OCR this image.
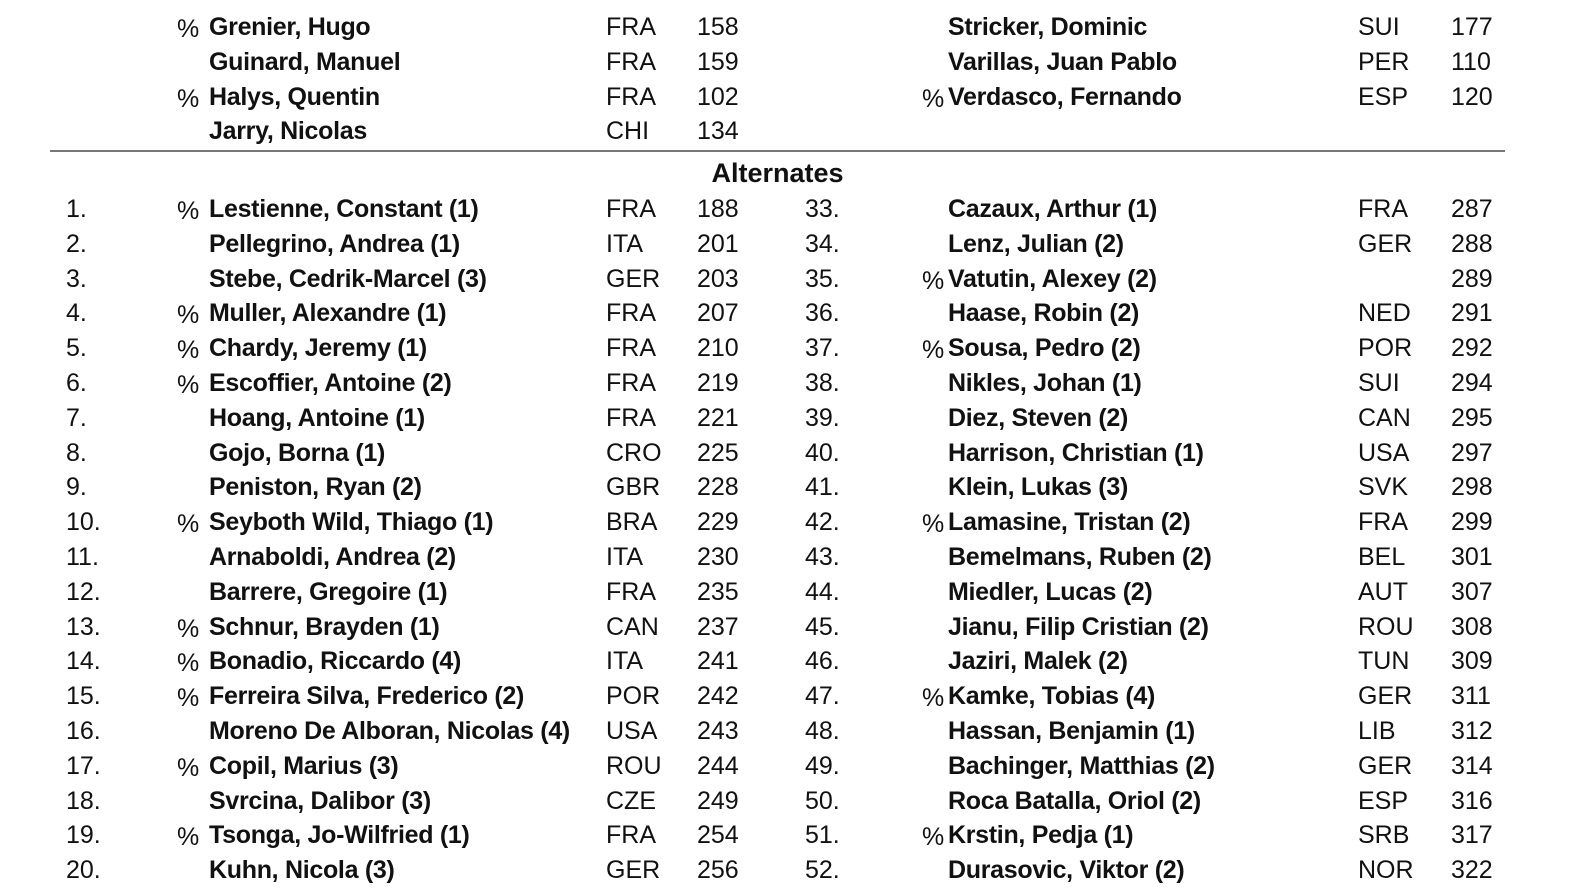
% Grenier, Hugo	FRA 158	Stricker, Dominic	SUI 177
Guinard, Manuel	FRA 159	Varillas, Juan Pablo	PER 110
% Halys, Quentin	FRA 102	% Verdasco, Fernando	ESP 120
Jarry, Nicolas	CHI 134
Alternates
1.	% Lestienne, Constant (1)	FRA 188	33.	Cazaux, Arthur (1)	FRA 287
2.	Pellegrino, Andrea (1)	ITA 201	34.	Lenz, Julian (2)	GER 288
3.	Stebe, Cedrik-Marcel (3)	GER 203	35.	% Vatutin, Alexey (2)	289
4.	% Muller, Alexandre (1)	FRA 207	36.	Haase, Robin (2)	NED 291
5.	% Chardy, Jeremy (1)	FRA 210	37.	% Sousa, Pedro (2)	POR 292
6.	% Escoffier, Antoine (2)	FRA 219	38.	Nikles, Johan (1)	SUI 294
7.	Hoang, Antoine (1)	FRA 221	39.	Diez, Steven (2)	CAN 295
8.	Gojo, Borna (1)	CRO 225	40.	Harrison, Christian (1)	USA 297
9.	Peniston, Ryan (2)	GBR 228	41.	Klein, Lukas (3)	SVK 298
10.	% Seyboth Wild, Thiago (1)	BRA 229	42.	% Lamasine, Tristan (2)	FRA 299
11.	Arnaboldi, Andrea (2)	ITA 230	43.	Bemelmans, Ruben (2)	BEL 301
12.	Barrere, Gregoire (1)	FRA 235	44.	Miedler, Lucas (2)	AUT 307
13.	% Schnur, Brayden (1)	CAN 237	45.	Jianu, Filip Cristian (2)	ROU 308
14.	% Bonadio, Riccardo (4)	ITA 241	46.	Jaziri, Malek (2)	TUN 309
15.	% Ferreira Silva, Frederico (2)	POR 242	47.	% Kamke, Tobias (4)	GER 311
16.	Moreno De Alboran, Nicolas (4) USA 243	48.	Hassan, Benjamin (1)	LIB 312
17.	% Copil, Marius (3)	ROU 244	49.	Bachinger, Matthias (2)	GER 314
18.	Svrcina, Dalibor (3)	CZE 249	50.	Roca Batalla, Oriol (2)	ESP 316
19.	% Tsonga, Jo-Wilfried (1)	FRA 254	51.	% Krstin, Pedja (1)	SRB 317
20.	Kuhn, Nicola (3)	GER 256	52.	Durasovic, Viktor (2)	NOR 322
